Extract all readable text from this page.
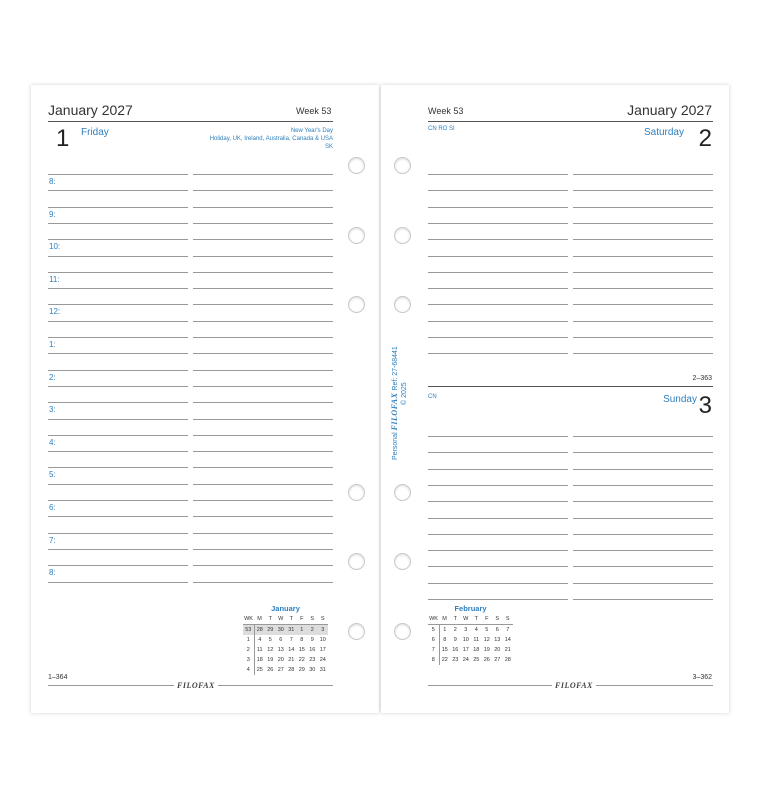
January 2027	Week 53
1 Friday	New Year's Day
Holiday, UK, Ireland, Australia, Canada & USA
SK
8:
9:
10:
11:
12:
1:
2:
3:
4:
5:
6:
7:
8:
January
WK	M	T	W	T	F	S	S
53	28	29	30	31	1	2	3
1	4	5	6	7	8	9	10
2	11	12	13	14	15	16	17
3	18	19	20	21	22	23	24
4	25	26	27	28	29	30	31
1–364
FILOFAX
Week 53	January 2027
CN RO SI	Saturday 2
2–363
CN	Sunday 3
February
WK	M	T	W	T	F	S	S
5	1	2	3	4	5	6	7
6	8	9	10	11	12	13	14
7	15	16	17	18	19	20	21
8	22	23	24	25	26	27	28
3–362
FILOFAX
Personal FILOFAX Ref: 27-68441
© 2025
